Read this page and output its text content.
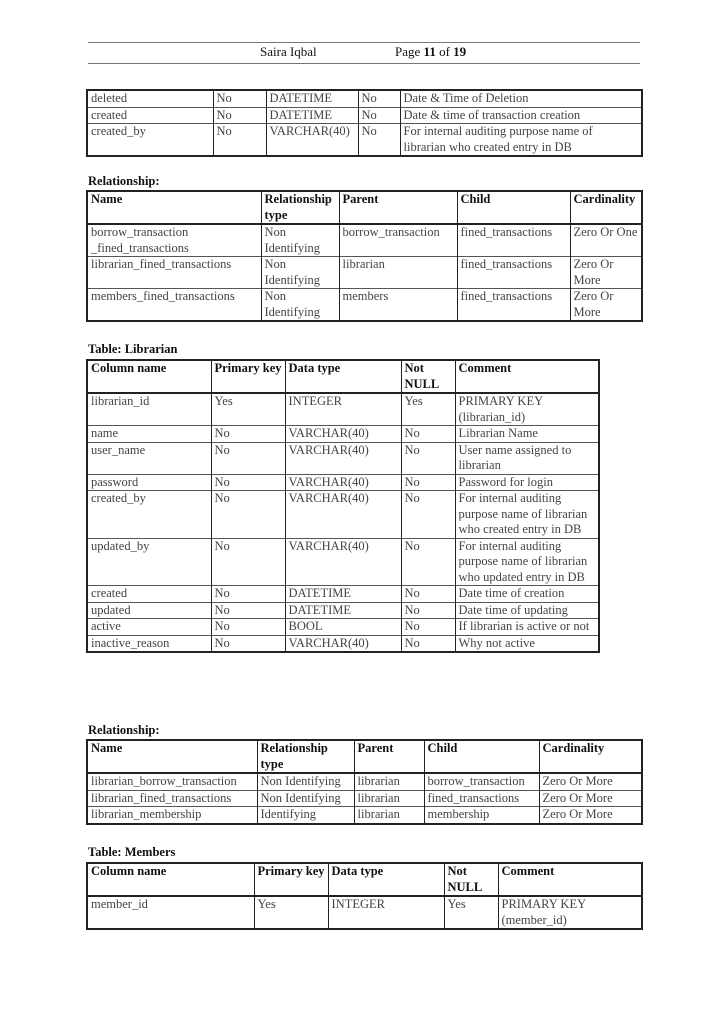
Saira Iqbal	Page 11 of 19
deleted	No	DATETIME	No	Date & Time of Deletion
created	No	DATETIME	No	Date & time of transaction creation
created_by	No	VARCHAR(40)	No	For internal auditing purpose name of librarian who created entry in DB
Relationship:
Name	Relationship type	Parent	Child	Cardinality
borrow_transaction _fined_transactions	Non Identifying	borrow_transaction	fined_transactions	Zero Or One
librarian_fined_transactions	Non Identifying	librarian	fined_transactions	Zero Or More
members_fined_transactions	Non Identifying	members	fined_transactions	Zero Or More
Table: Librarian
Column name	Primary key	Data type	Not NULL	Comment
librarian_id	Yes	INTEGER	Yes	PRIMARY KEY (librarian_id)
name	No	VARCHAR(40)	No	Librarian Name
user_name	No	VARCHAR(40)	No	User name assigned to librarian
password	No	VARCHAR(40)	No	Password for login
created_by	No	VARCHAR(40)	No	For internal auditing purpose name of librarian who created entry in DB
updated_by	No	VARCHAR(40)	No	For internal auditing purpose name of librarian who updated entry in DB
created	No	DATETIME	No	Date time of creation
updated	No	DATETIME	No	Date time of updating
active	No	BOOL	No	If librarian is active or not
inactive_reason	No	VARCHAR(40)	No	Why not active
Relationship:
Name	Relationship type	Parent	Child	Cardinality
librarian_borrow_transaction	Non Identifying	librarian	borrow_transaction	Zero Or More
librarian_fined_transactions	Non Identifying	librarian	fined_transactions	Zero Or More
librarian_membership	Identifying	librarian	membership	Zero Or More
Table: Members
Column name	Primary key	Data type	Not NULL	Comment
member_id	Yes	INTEGER	Yes	PRIMARY KEY (member_id)
